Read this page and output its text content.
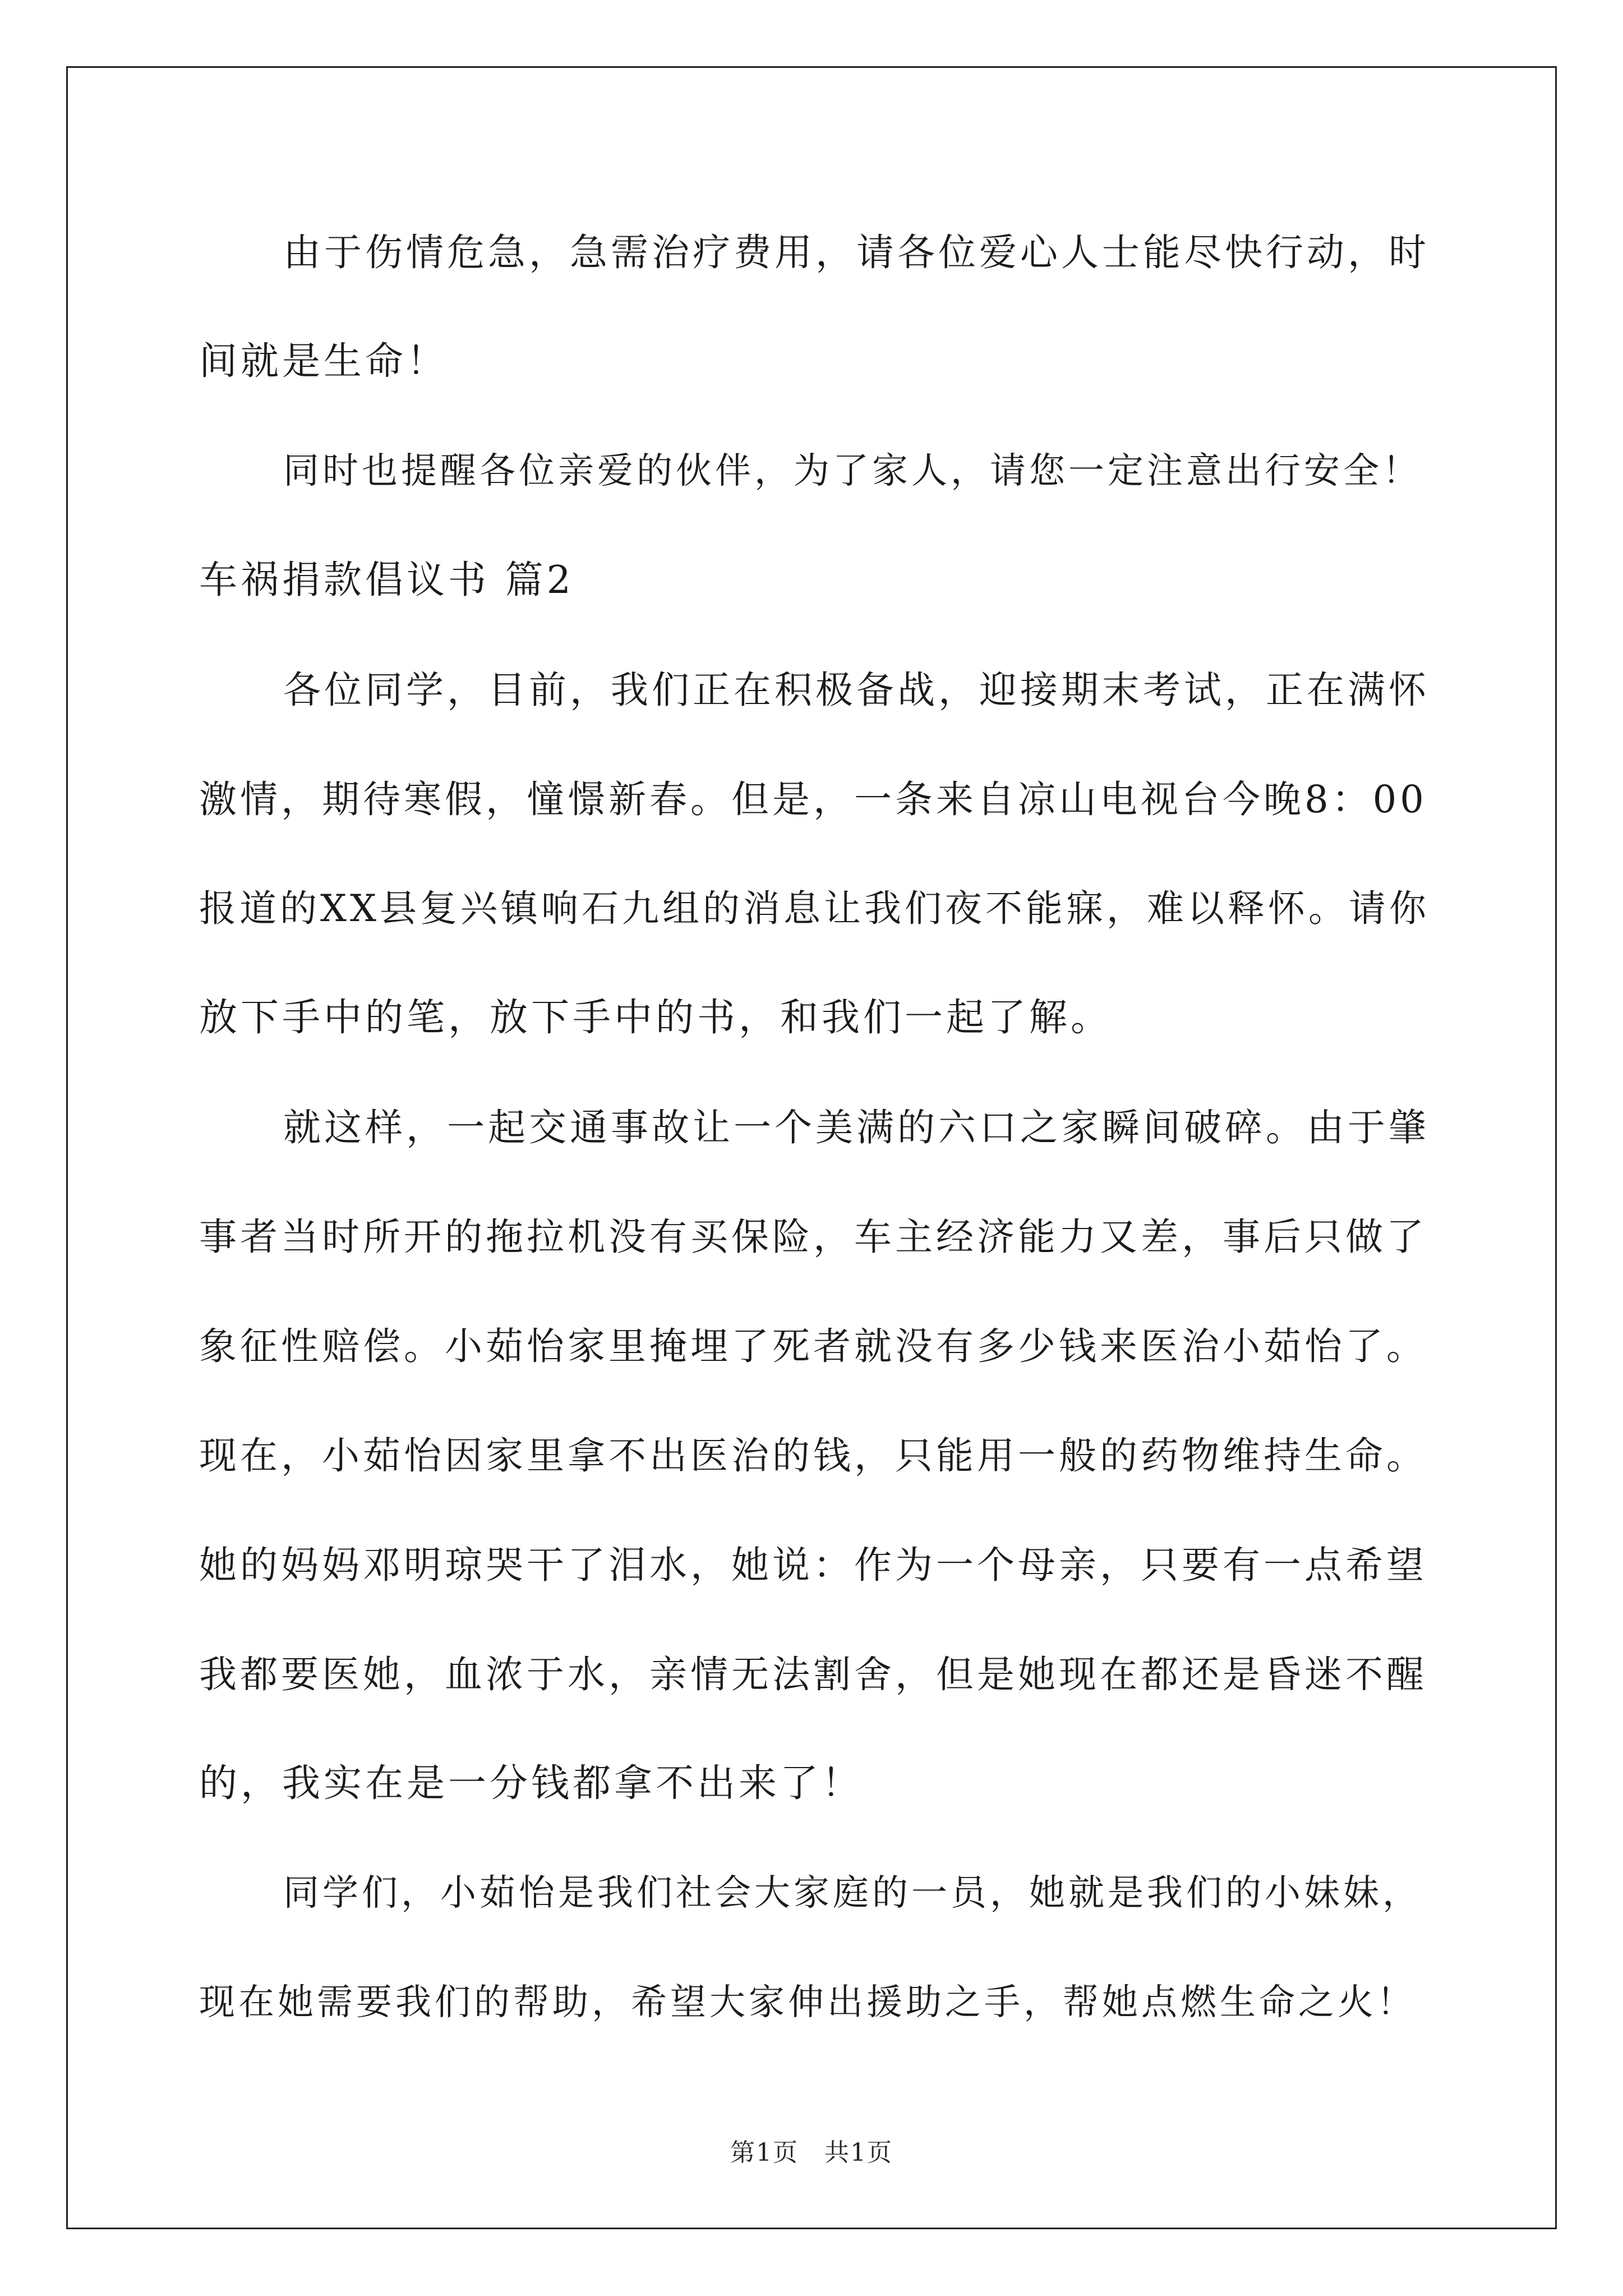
由于伤情危急，急需治疗费用，请各位爱心人士能尽快行动，时
间就是生命！
同时也提醒各位亲爱的伙伴，为了家人，请您一定注意出行安全！
车祸捐款倡议书 篇2
各位同学，目前，我们正在积极备战，迎接期末考试，正在满怀
激情，期待寒假，憧憬新春。但是，一条来自凉山电视台今晚8：00
报道的XX县复兴镇响石九组的消息让我们夜不能寐，难以释怀。请你
放下手中的笔，放下手中的书，和我们一起了解。
就这样，一起交通事故让一个美满的六口之家瞬间破碎。由于肇
事者当时所开的拖拉机没有买保险，车主经济能力又差，事后只做了
象征性赔偿。小茹怡家里掩埋了死者就没有多少钱来医治小茹怡了。
现在，小茹怡因家里拿不出医治的钱，只能用一般的药物维持生命。
她的妈妈邓明琼哭干了泪水，她说：作为一个母亲，只要有一点希望
我都要医她，血浓于水，亲情无法割舍，但是她现在都还是昏迷不醒
的，我实在是一分钱都拿不出来了！
同学们，小茹怡是我们社会大家庭的一员，她就是我们的小妹妹，
现在她需要我们的帮助，希望大家伸出援助之手，帮她点燃生命之火！
第1页　共1页
